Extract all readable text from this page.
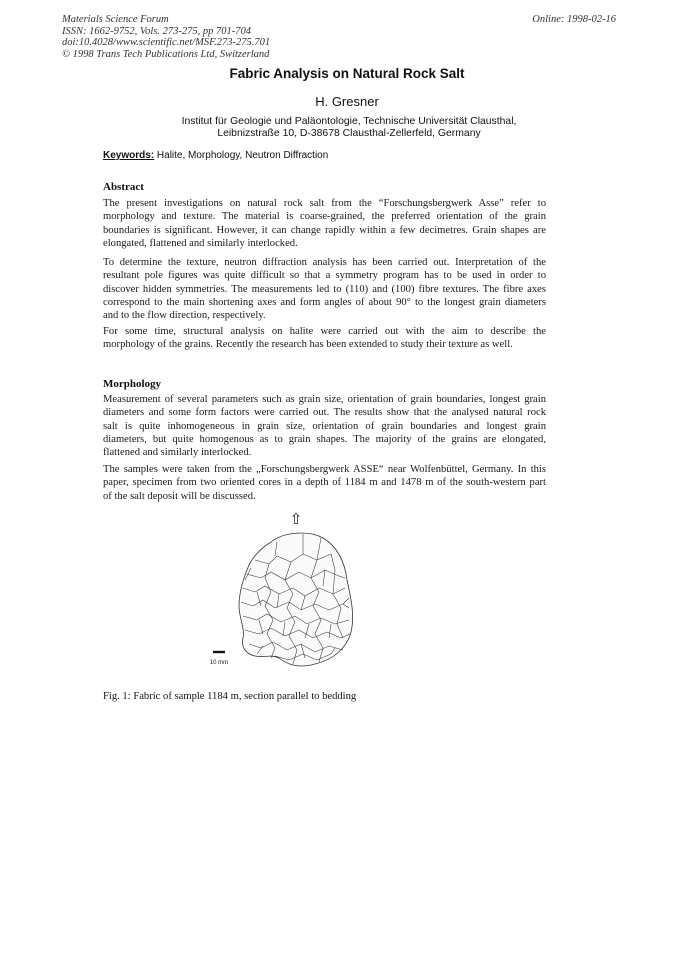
Materials Science Forum
ISSN: 1662-9752, Vols. 273-275, pp 701-704
doi:10.4028/www.scientific.net/MSF.273-275.701
© 1998 Trans Tech Publications Ltd, Switzerland
Online: 1998-02-16
Fabric Analysis on Natural Rock Salt
H. Gresner
Institut für Geologie und Paläontologie, Technische Universität Clausthal,
Leibnizstraße 10, D-38678 Clausthal-Zellerfeld, Germany
Keywords: Halite, Morphology, Neutron Diffraction
Abstract
The present investigations on natural rock salt from the “Forschungsbergwerk Asse” refer to
morphology and texture. The material is coarse-grained, the preferred orientation of the grain
boundaries is significant. However, it can change rapidly within a few decimetres. Grain shapes are
elongated, flattened and similarly interlocked.
To determine the texture, neutron diffraction analysis has been carried out. Interpretation of the
resultant pole figures was quite difficult so that a symmetry program has to be used in order to
discover hidden symmetries. The measurements led to (110) and (100) fibre textures. The fibre axes
correspond to the main shortening axes and form angles of about 90° to the longest grain diameters
and to the flow direction, respectively.
For some time, structural analysis on halite were carried out with the aim to describe the
morphology of the grains. Recently the research has been extended to study their texture as well.
Morphology
Measurement of several parameters such as grain size, orientation of grain boundaries, longest grain
diameters and some form factors were carried out. The results show that the analysed natural rock
salt is quite inhomogeneous in grain size, orientation of grain boundaries and longest grain
diameters, but quite homogenous as to grain shapes. The majority of the grains are elongated,
flattened and similarly interlocked.
The samples were taken from the „Forschungsbergwerk ASSE“ near Wolfenbüttel, Germany. In this
paper, specimen from two oriented cores in a depth of 1184 m and 1478 m of the south-western part
of the salt deposit will be discussed.
⇧
10 mm
Fig. 1: Fabric of sample 1184 m, section parallel to bedding
